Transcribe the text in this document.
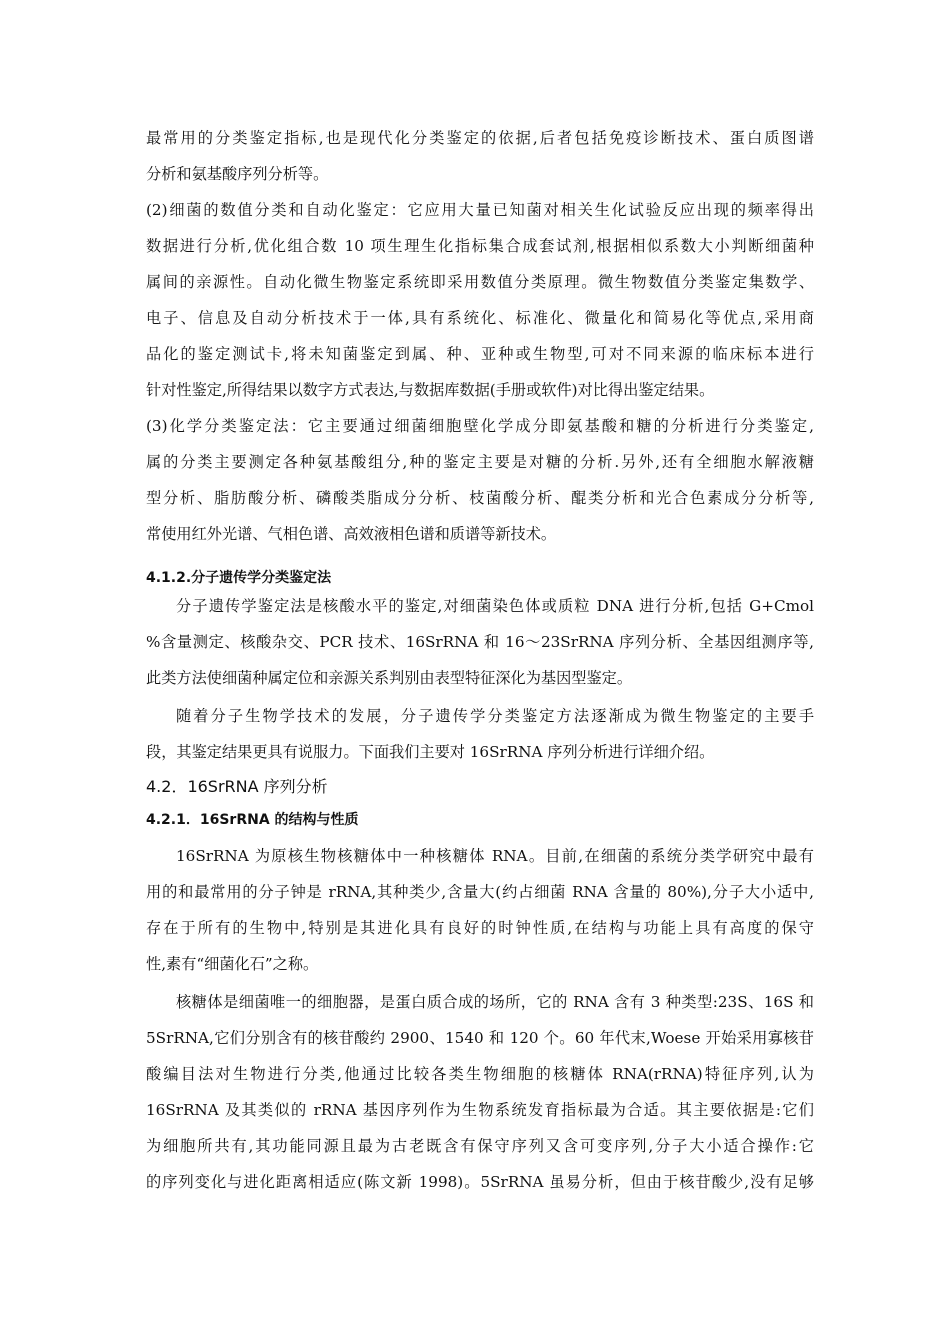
最常用的分类鉴定指标,也是现代化分类鉴定的依据,后者包括免疫诊断技术、蛋白质图谱
分析和氨基酸序列分析等。
(2)细菌的数值分类和自动化鉴定：它应用大量已知菌对相关生化试验反应出现的频率得出
数据进行分析,优化组合数 10 项生理生化指标集合成套试剂,根据相似系数大小判断细菌种
属间的亲源性。自动化微生物鉴定系统即采用数值分类原理。微生物数值分类鉴定集数学、
电子、信息及自动分析技术于一体,具有系统化、标准化、微量化和简易化等优点,采用商
品化的鉴定测试卡,将未知菌鉴定到属、种、亚种或生物型,可对不同来源的临床标本进行
针对性鉴定,所得结果以数字方式表达,与数据库数据(手册或软件)对比得出鉴定结果。
(3)化学分类鉴定法：它主要通过细菌细胞壁化学成分即氨基酸和糖的分析进行分类鉴定,
属的分类主要测定各种氨基酸组分,种的鉴定主要是对糖的分析.另外,还有全细胞水解液糖
型分析、脂肪酸分析、磷酸类脂成分分析、枝菌酸分析、醌类分析和光合色素成分分析等,
常使用红外光谱、气相色谱、高效液相色谱和质谱等新技术。
4.1.2.分子遗传学分类鉴定法
分子遗传学鉴定法是核酸水平的鉴定,对细菌染色体或质粒 DNA 进行分析,包括 G+Cmol
%含量测定、核酸杂交、PCR 技术、16SrRNA 和 16～23SrRNA 序列分析、全基因组测序等,
此类方法使细菌种属定位和亲源关系判别由表型特征深化为基因型鉴定。
随着分子生物学技术的发展，分子遗传学分类鉴定方法逐渐成为微生物鉴定的主要手
段，其鉴定结果更具有说服力。下面我们主要对 16SrRNA 序列分析进行详细介绍。
4.2．16SrRNA 序列分析
4.2.1．16SrRNA 的结构与性质
16SrRNA 为原核生物核糖体中一种核糖体 RNA。目前,在细菌的系统分类学研究中最有
用的和最常用的分子钟是 rRNA,其种类少,含量大(约占细菌 RNA 含量的 80%),分子大小适中,
存在于所有的生物中,特别是其进化具有良好的时钟性质,在结构与功能上具有高度的保守
性,素有“细菌化石”之称。
核糖体是细菌唯一的细胞器，是蛋白质合成的场所，它的 RNA 含有 3 种类型:23S、16S 和
5SrRNA,它们分别含有的核苷酸约 2900、1540 和 120 个。60 年代末,Woese 开始采用寡核苷
酸编目法对生物进行分类,他通过比较各类生物细胞的核糖体 RNA(rRNA)特征序列,认为
16SrRNA 及其类似的 rRNA 基因序列作为生物系统发育指标最为合适。其主要依据是:它们
为细胞所共有,其功能同源且最为古老既含有保守序列又含可变序列,分子大小适合操作:它
的序列变化与进化距离相适应(陈文新 1998)。5SrRNA 虽易分析，但由于核苷酸少,没有足够
